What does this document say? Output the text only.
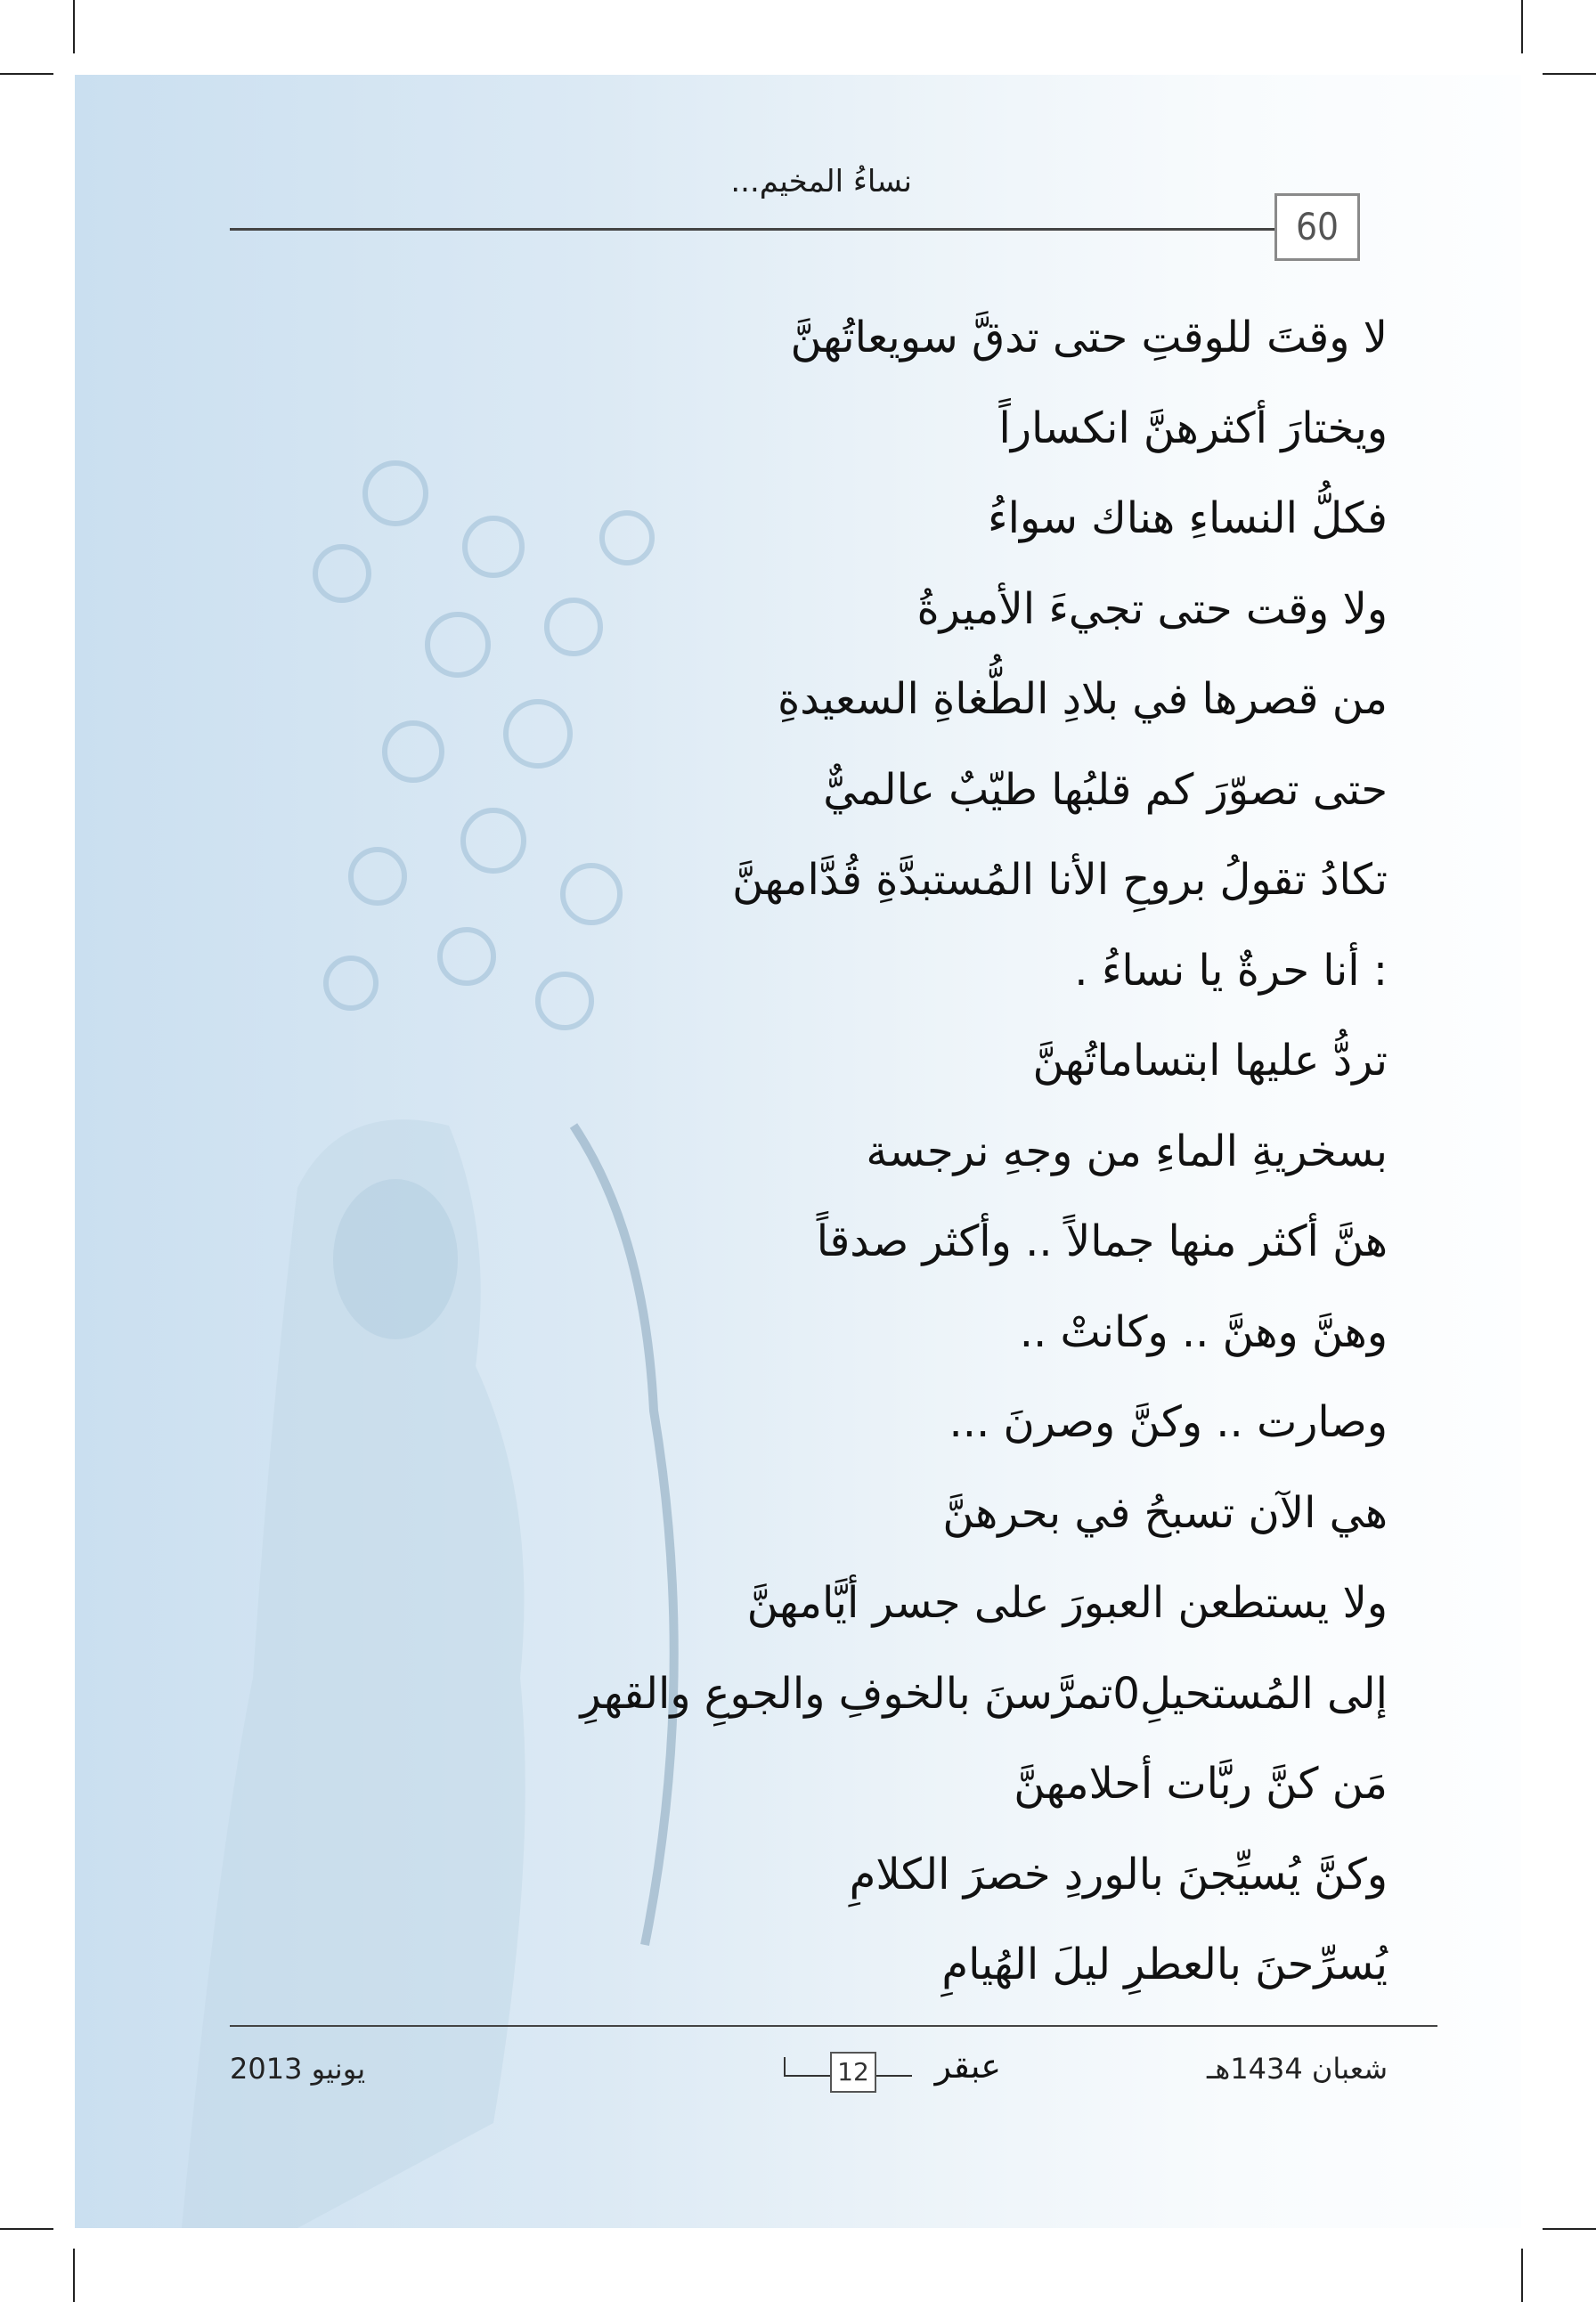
نساءُ المخيم...
60
لا وقتَ للوقتِ حتى تدقَّ سويعاتُهنَّ
ويختارَ أكثرهنَّ انكساراً
فكلُّ النساءِ هناك سواءُ
ولا وقت حتى تجيءَ الأميرةُ
من قصرها في بلادِ الطُّغاةِ السعيدةِ
حتى تصوّرَ كم قلبُها طيّبٌ عالميٌّ
تكادُ تقولُ بروحِ الأنا المُستبدَّةِ قُدَّامهنَّ
: أنا حرةٌ يا نساءُ .
تردُّ عليها ابتساماتُهنَّ
بسخريةِ الماءِ من وجهِ نرجسة
هنَّ أكثر منها جمالاً .. وأكثر صدقاً
وهنَّ وهنَّ .. وكانتْ ..
وصارت .. وكنَّ وصرنَ ...
هي الآن تسبحُ في بحرهنَّ
ولا يستطعن العبورَ على جسر أيَّامهنَّ
إلى المُستحيلِ0تمرَّسنَ بالخوفِ والجوعِ والقهرِ
مَن كنَّ ربَّات أحلامهنَّ
وكنَّ يُسيِّجنَ بالوردِ خصرَ الكلامِ
يُسرِّحنَ بالعطرِ ليلَ الهُيامِ
يونيو 2013	عبقر
12	شعبان 1434هـ
